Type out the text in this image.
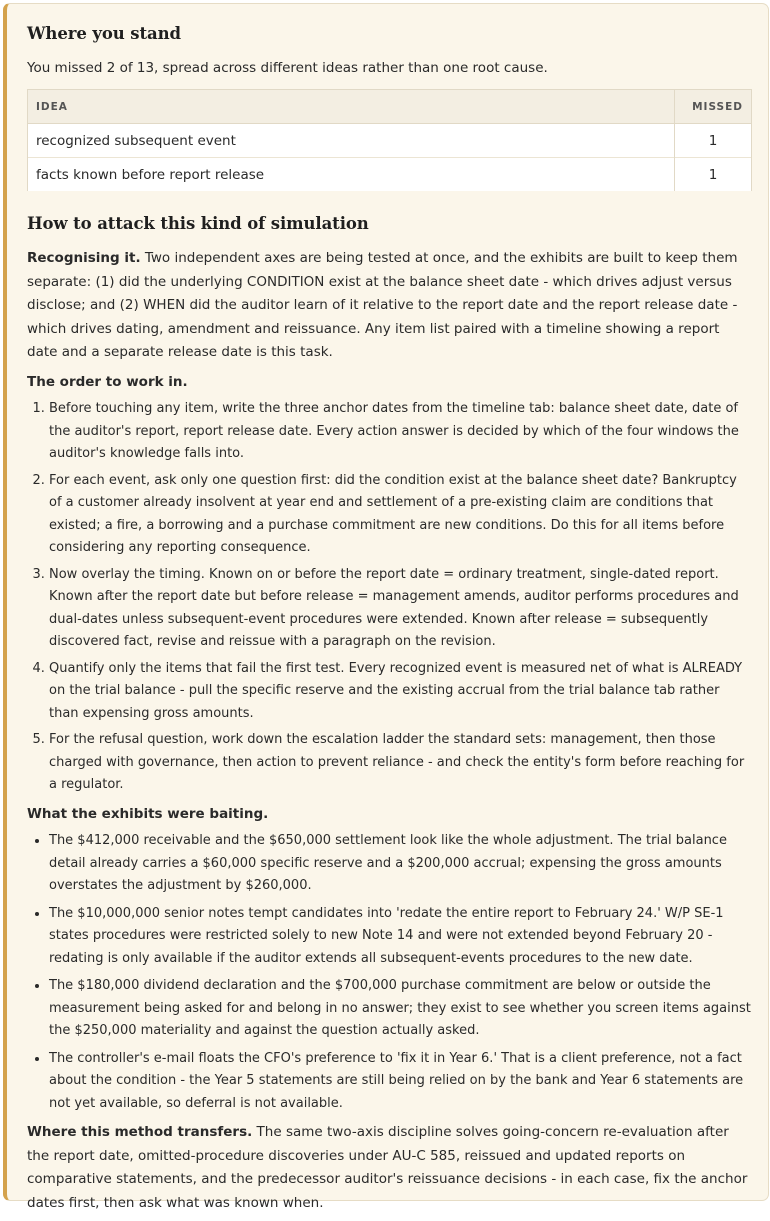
Where you stand

You missed 2 of 13, spread across different ideas rather than one root cause.

IDEA	MISSED
recognized subsequent event	1
facts known before report release	1
How to attack this kind of simulation

Recognising it. Two independent axes are being tested at once, and the exhibits are built to keep them separate: (1) did the underlying CONDITION exist at the balance sheet date - which drives adjust versus disclose; and (2) WHEN did the auditor learn of it relative to the report date and the report release date - which drives dating, amendment and reissuance. Any item list paired with a timeline showing a report date and a separate release date is this task.

The order to work in.

1. Before touching any item, write the three anchor dates from the timeline tab: balance sheet date, date of the auditor's report, report release date. Every action answer is decided by which of the four windows the auditor's knowledge falls into.
2. For each event, ask only one question first: did the condition exist at the balance sheet date? Bankruptcy of a customer already insolvent at year end and settlement of a pre-existing claim are conditions that existed; a fire, a borrowing and a purchase commitment are new conditions. Do this for all items before considering any reporting consequence.
3. Now overlay the timing. Known on or before the report date = ordinary treatment, single-dated report. Known after the report date but before release = management amends, auditor performs procedures and dual-dates unless subsequent-event procedures were extended. Known after release = subsequently discovered fact, revise and reissue with a paragraph on the revision.
4. Quantify only the items that fail the first test. Every recognized event is measured net of what is ALREADY on the trial balance - pull the specific reserve and the existing accrual from the trial balance tab rather than expensing gross amounts.
5. For the refusal question, work down the escalation ladder the standard sets: management, then those charged with governance, then action to prevent reliance - and check the entity's form before reaching for a regulator.

What the exhibits were baiting.

• The $412,000 receivable and the $650,000 settlement look like the whole adjustment. The trial balance detail already carries a $60,000 specific reserve and a $200,000 accrual; expensing the gross amounts overstates the adjustment by $260,000.
• The $10,000,000 senior notes tempt candidates into 'redate the entire report to February 24.' W/P SE-1 states procedures were restricted solely to new Note 14 and were not extended beyond February 20 - redating is only available if the auditor extends all subsequent-events procedures to the new date.
• The $180,000 dividend declaration and the $700,000 purchase commitment are below or outside the measurement being asked for and belong in no answer; they exist to see whether you screen items against the $250,000 materiality and against the question actually asked.
• The controller's e-mail floats the CFO's preference to 'fix it in Year 6.' That is a client preference, not a fact about the condition - the Year 5 statements are still being relied on by the bank and Year 6 statements are not yet available, so deferral is not available.

Where this method transfers. The same two-axis discipline solves going-concern re-evaluation after the report date, omitted-procedure discoveries under AU-C 585, reissued and updated reports on comparative statements, and the predecessor auditor's reissuance decisions - in each case, fix the anchor dates first, then ask what was known when.
